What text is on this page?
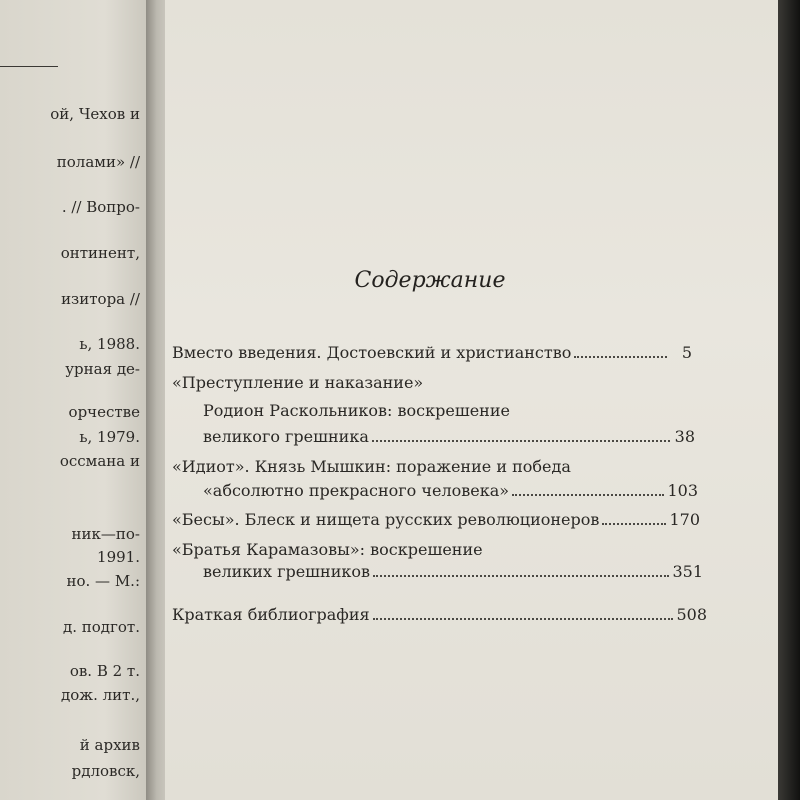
ой, Чехов и
полами» //
. // Вопро-
онтинент,
изитора //
ь, 1988.
урная де-
орчестве
ь, 1979.
оссмана и
ник—по-
1991.
но. — М.:
д. подгот.
ов. В 2 т.
дож. лит.,
й архив
рдловск,
Содержание
Вместо введения. Достоевский и христианство	5
«Преступление и наказание»
Родион Раскольников: воскрешение
великого грешника	38
«Идиот». Князь Мышкин: поражение и победа
«абсолютно прекрасного человека»	103
«Бесы». Блеск и нищета русских революционеров	170
«Братья Карамазовы»: воскрешение
великих грешников	351
Краткая библиография	508
